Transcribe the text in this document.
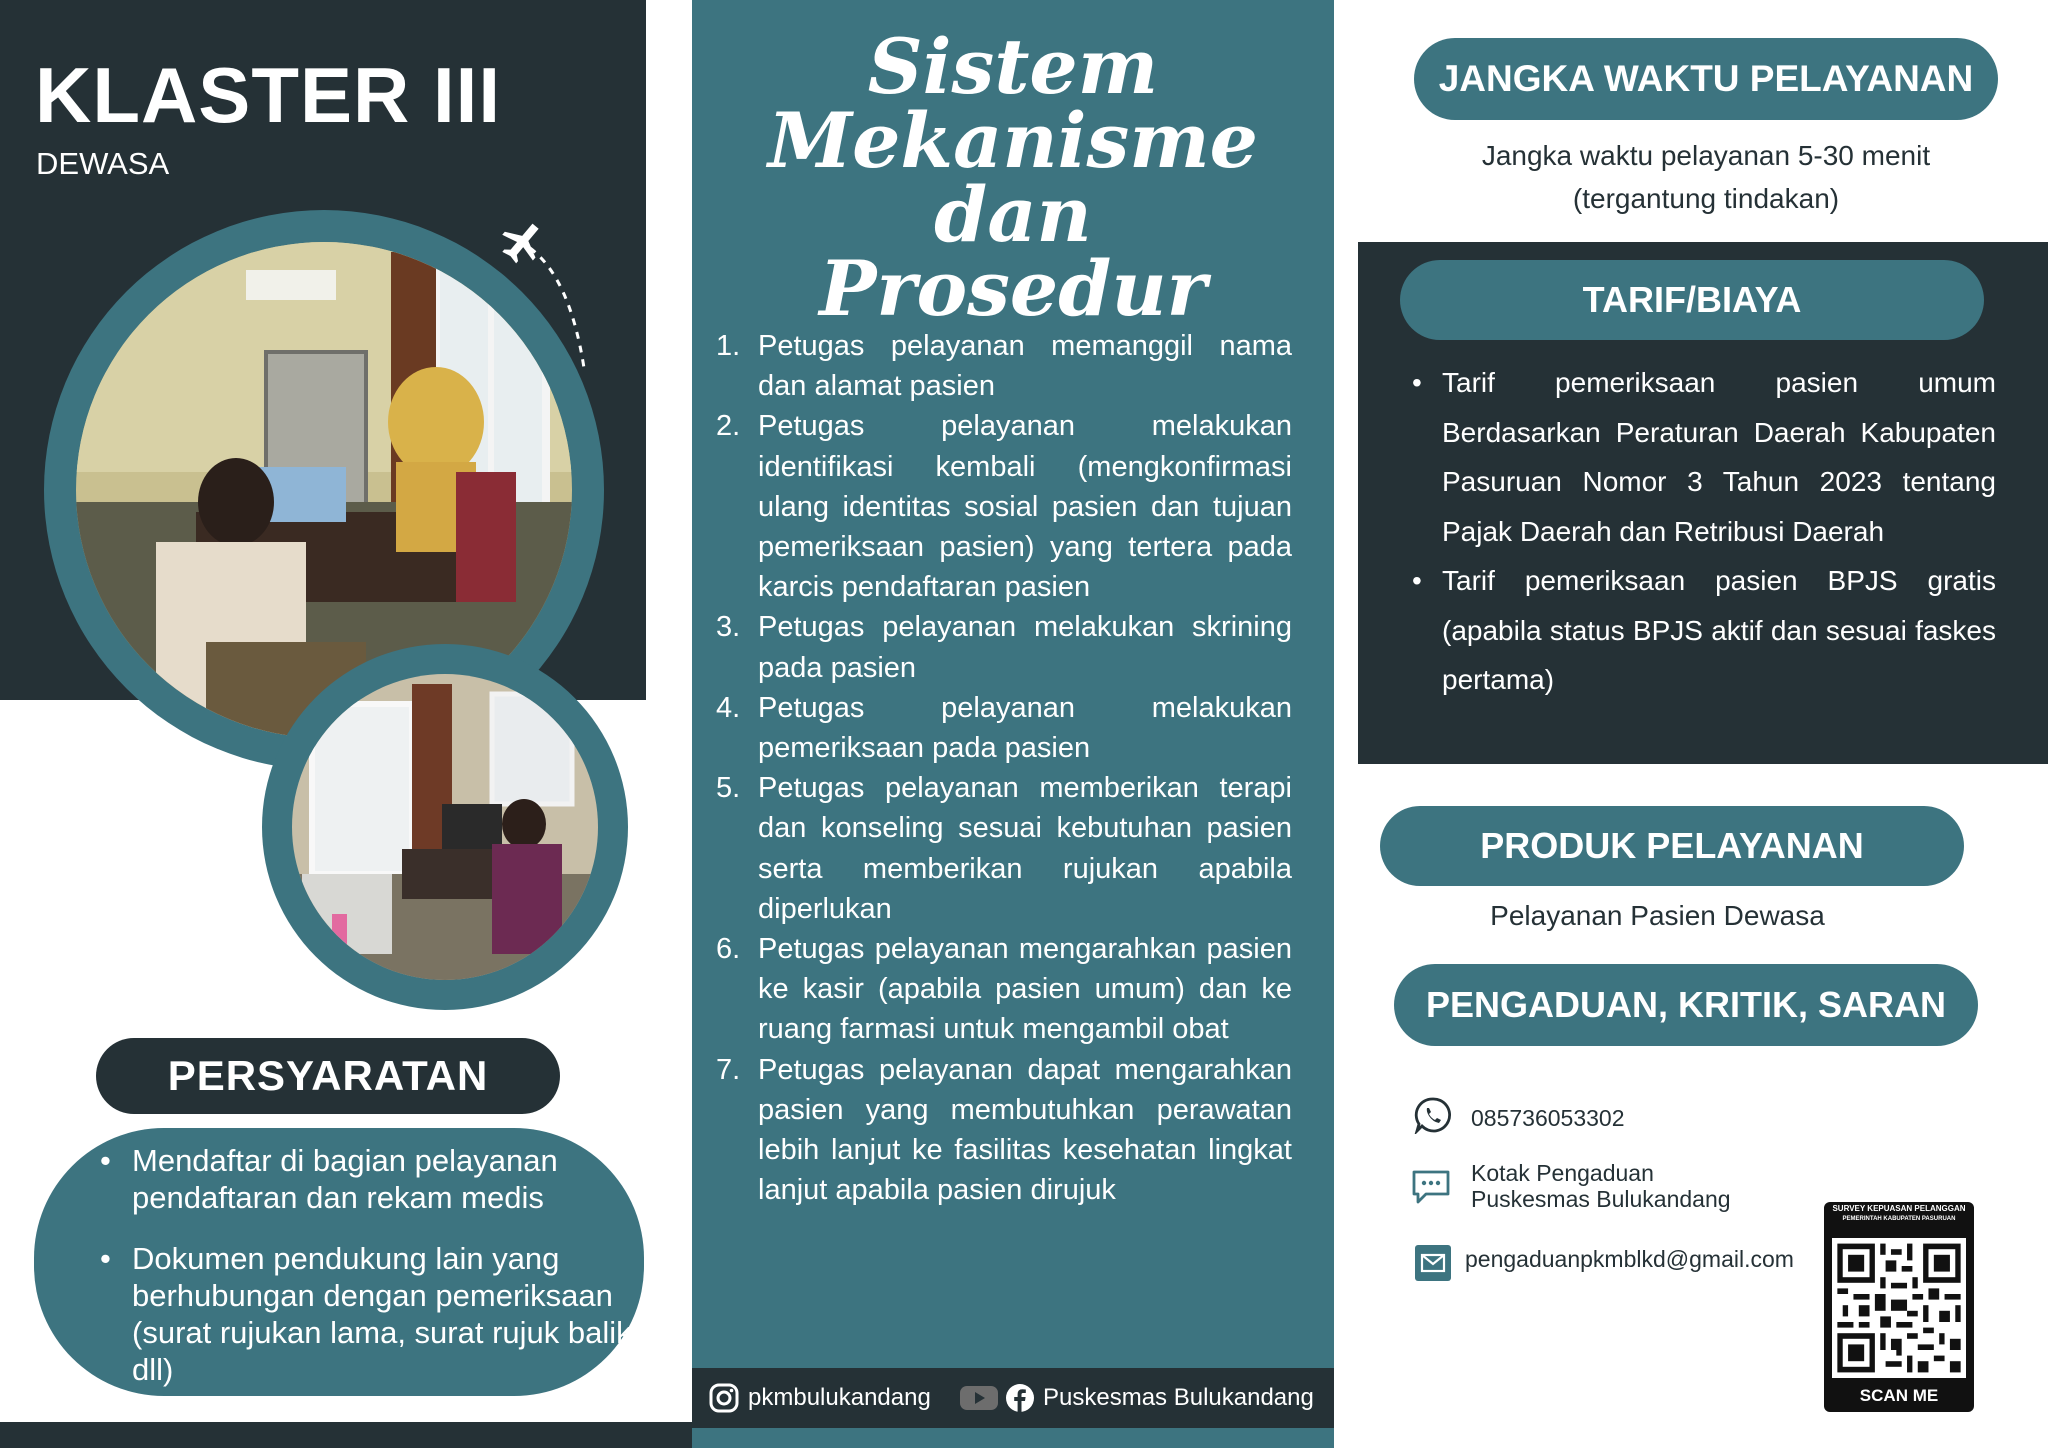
KLASTER III
DEWASA
PERSYARATAN
• Mendaftar di bagian pelayanan pendaftaran dan rekam medis
• Dokumen pendukung lain yang berhubungan dengan pemeriksaan (surat rujukan lama, surat rujuk balik, dll)
Sistem
Mekanisme dan
Prosedur
1. Petugas pelayanan memanggil nama dan alamat pasien
2. Petugas pelayanan melakukan identifikasi kembali (mengkonfirmasi ulang identitas sosial pasien dan tujuan pemeriksaan pasien) yang tertera pada karcis pendaftaran pasien
3. Petugas pelayanan melakukan skrining pada pasien
4. Petugas pelayanan melakukan pemeriksaan pada pasien
5. Petugas pelayanan memberikan terapi dan konseling sesuai kebutuhan pasien serta memberikan rujukan apabila diperlukan
6. Petugas pelayanan mengarahkan pasien ke kasir (apabila pasien umum) dan ke ruang farmasi untuk mengambil obat
7. Petugas pelayanan dapat mengarahkan pasien yang membutuhkan perawatan lebih lanjut ke fasilitas kesehatan lingkat lanjut apabila pasien dirujuk
pkmbulukandang	Puskesmas Bulukandang
JANGKA WAKTU PELAYANAN
Jangka waktu pelayanan 5-30 menit
(tergantung tindakan)
TARIF/BIAYA
• Tarif pemeriksaan pasien umum Berdasarkan Peraturan Daerah Kabupaten Pasuruan Nomor 3 Tahun 2023 tentang Pajak Daerah dan Retribusi Daerah
• Tarif pemeriksaan pasien BPJS gratis (apabila status BPJS aktif dan sesuai faskes pertama)
PRODUK PELAYANAN
Pelayanan Pasien Dewasa
PENGADUAN, KRITIK, SARAN
085736053302
Kotak Pengaduan
Puskesmas Bulukandang
pengaduanpkmblkd@gmail.com
SURVEY KEPUASAN PELANGGAN
PEMERINTAH KABUPATEN PASURUAN
SCAN ME
